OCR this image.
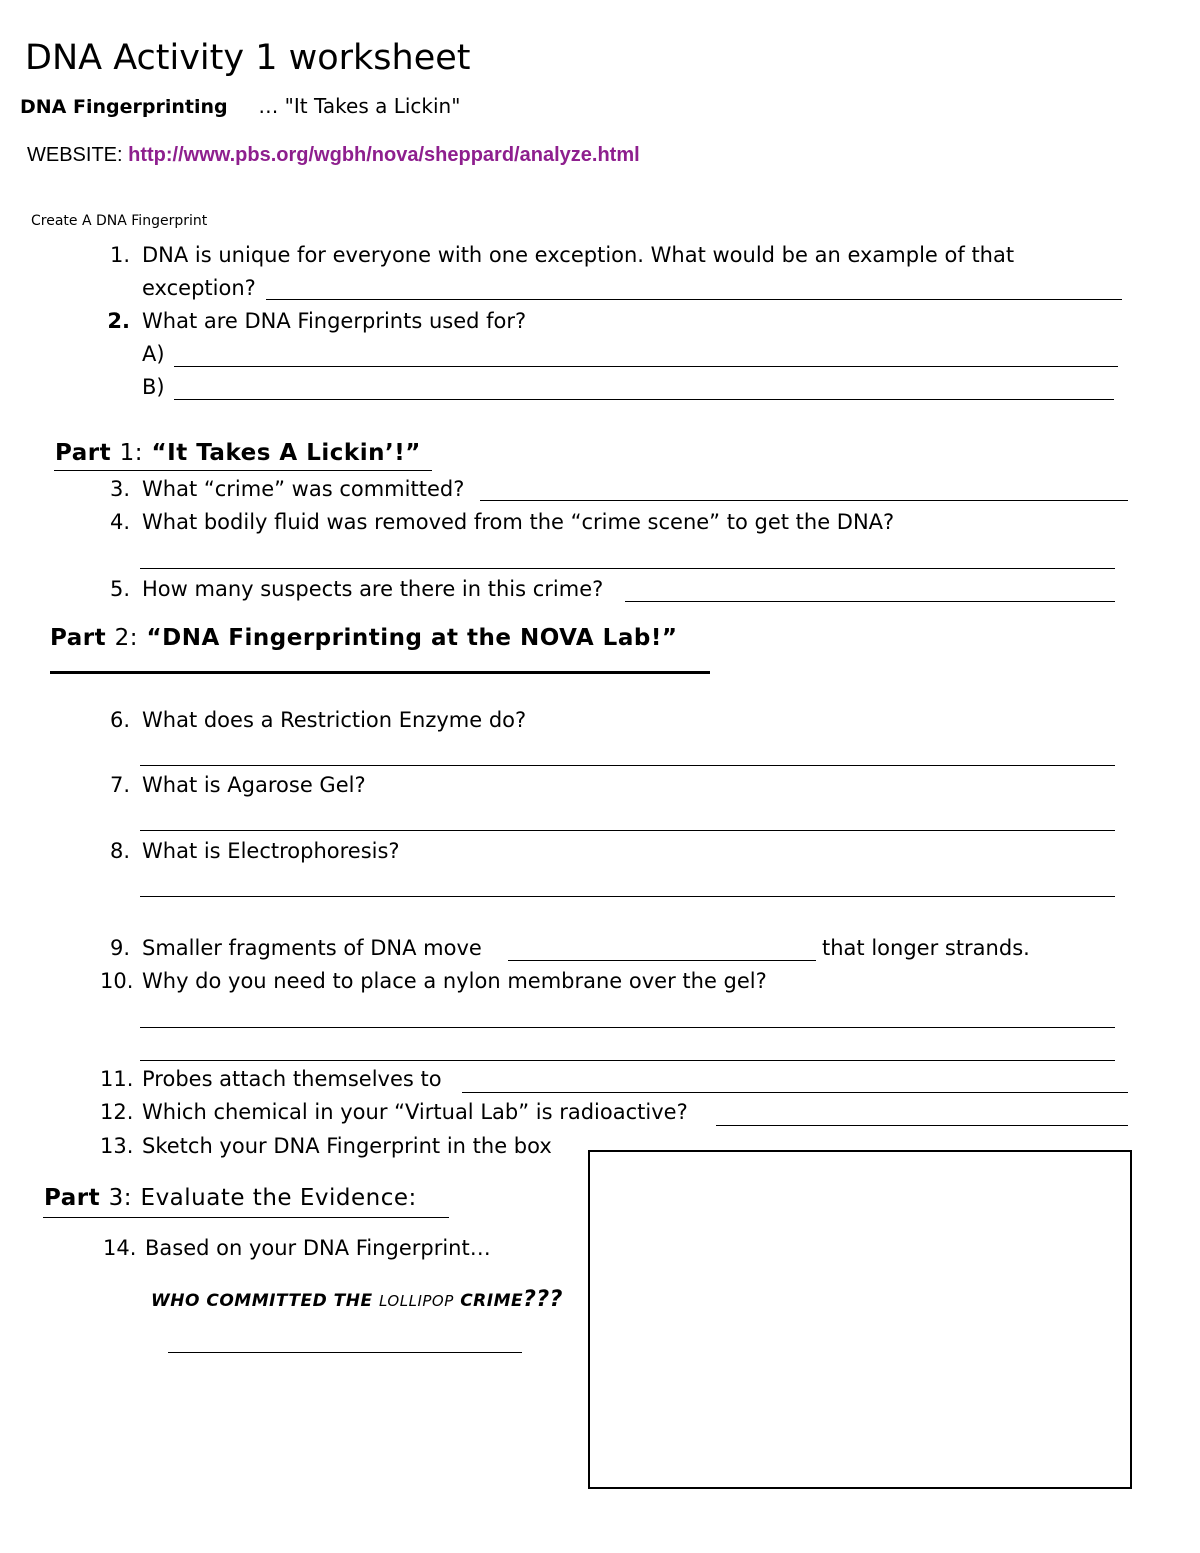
DNA Activity 1 worksheet
DNA Fingerprinting … "It Takes a Lickin"
WEBSITE: http://www.pbs.org/wgbh/nova/sheppard/analyze.html
Create A DNA Fingerprint
1. DNA is unique for everyone with one exception. What would be an example of that
exception?
2. What are DNA Fingerprints used for?
A)
B)
Part 1: “It Takes A Lickin’!”
3. What “crime” was committed?
4. What bodily fluid was removed from the “crime scene” to get the DNA?
5. How many suspects are there in this crime?
Part 2: “DNA Fingerprinting at the NOVA Lab!”
6. What does a Restriction Enzyme do?
7. What is Agarose Gel?
8. What is Electrophoresis?
9. Smaller fragments of DNA move	that longer strands.
10. Why do you need to place a nylon membrane over the gel?
11. Probes attach themselves to
12. Which chemical in your “Virtual Lab” is radioactive?
13. Sketch your DNA Fingerprint in the box
Part 3: Evaluate the Evidence:
14. Based on your DNA Fingerprint…
WHO COMMITTED THE LOLLIPOP CRIME???
